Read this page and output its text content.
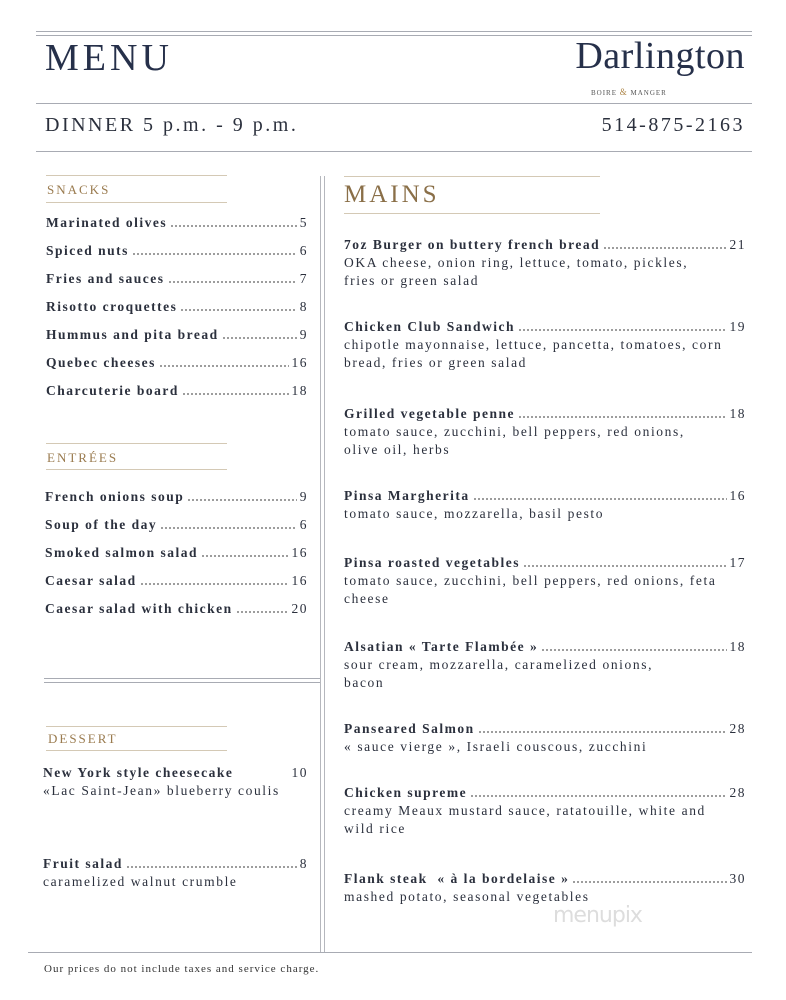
MENU	Darlington
BOIRE & MANGER
DINNER 5 p.m. - 9 p.m.	514-875-2163
SNACKS
Marinated olives	5
Spiced nuts	6
Fries and sauces	7
Risotto croquettes	8
Hummus and pita bread	9
Quebec cheeses	16
Charcuterie board	18
ENTRÉES
French onions soup	9
Soup of the day	6
Smoked salmon salad	16
Caesar salad	16
Caesar salad with chicken	20
DESSERT
New York style cheesecake	10
«Lac Saint-Jean» blueberry coulis
Fruit salad	8
caramelized walnut crumble
MAINS
7oz Burger on buttery french bread	21
OKA cheese, onion ring, lettuce, tomato, pickles, fries or green salad
Chicken Club Sandwich	19
chipotle mayonnaise, lettuce, pancetta, tomatoes, corn bread, fries or green salad
Grilled vegetable penne	18
tomato sauce, zucchini, bell peppers, red onions, olive oil, herbs
Pinsa Margherita	16
tomato sauce, mozzarella, basil pesto
Pinsa roasted vegetables	17
tomato sauce, zucchini, bell peppers, red onions, feta cheese
Alsatian « Tarte Flambée »	18
sour cream, mozzarella, caramelized onions, bacon
Panseared Salmon	28
« sauce vierge », Israeli couscous, zucchini
Chicken supreme	28
creamy Meaux mustard sauce, ratatouille, white and wild rice
Flank steak  « à la bordelaise »	30
mashed potato, seasonal vegetables
menupix
Our prices do not include taxes and service charge.
